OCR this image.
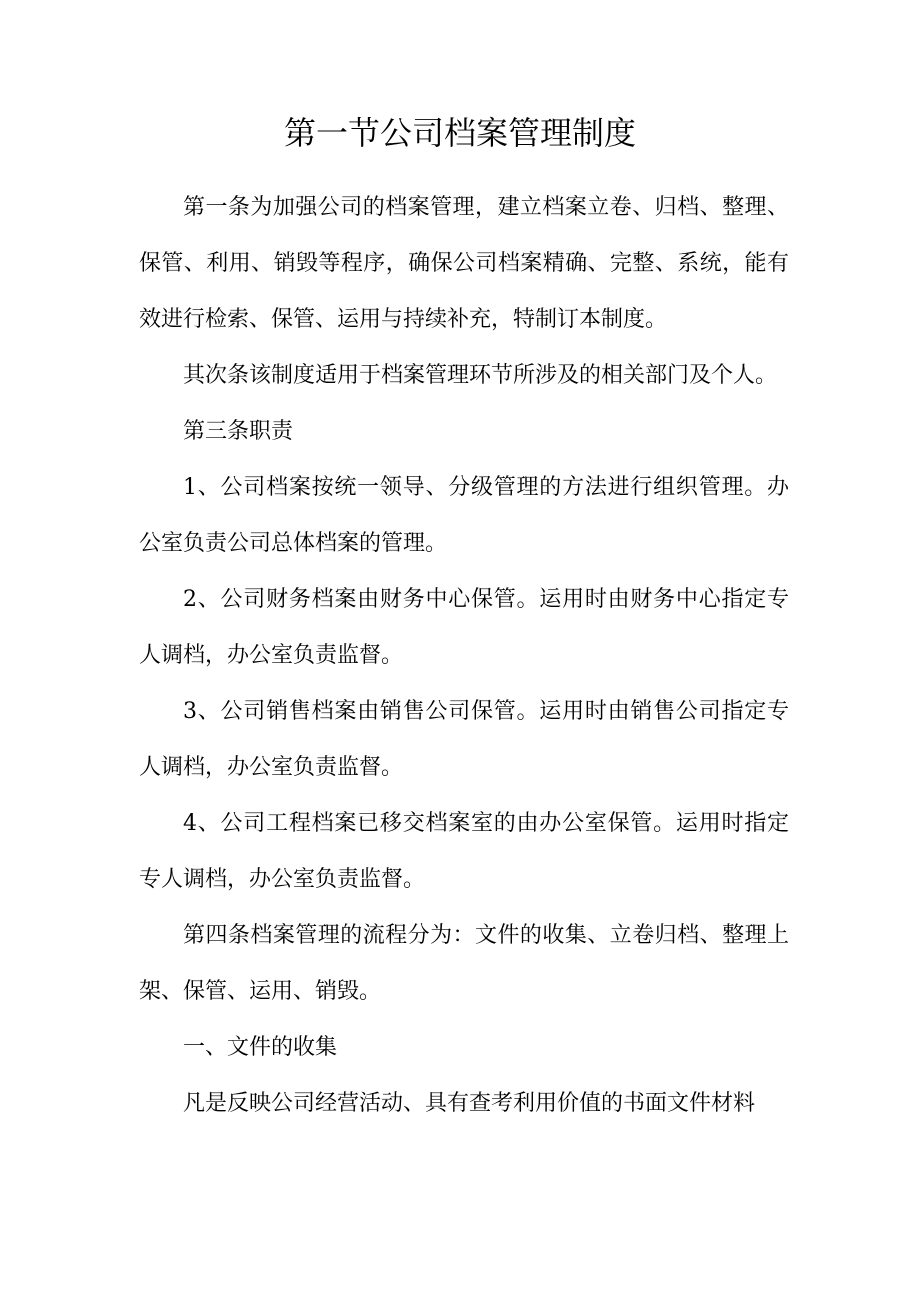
第一节公司档案管理制度

第一条为加强公司的档案管理，建立档案立卷、归档、整理、保管、利用、销毁等程序，确保公司档案精确、完整、系统，能有效进行检索、保管、运用与持续补充，特制订本制度。

其次条该制度适用于档案管理环节所涉及的相关部门及个人。

第三条职责

1、公司档案按统一领导、分级管理的方法进行组织管理。办公室负责公司总体档案的管理。

2、公司财务档案由财务中心保管。运用时由财务中心指定专人调档，办公室负责监督。

3、公司销售档案由销售公司保管。运用时由销售公司指定专人调档，办公室负责监督。

4、公司工程档案已移交档案室的由办公室保管。运用时指定专人调档，办公室负责监督。

第四条档案管理的流程分为：文件的收集、立卷归档、整理上架、保管、运用、销毁。

一、文件的收集

凡是反映公司经营活动、具有查考利用价值的书面文件材料
